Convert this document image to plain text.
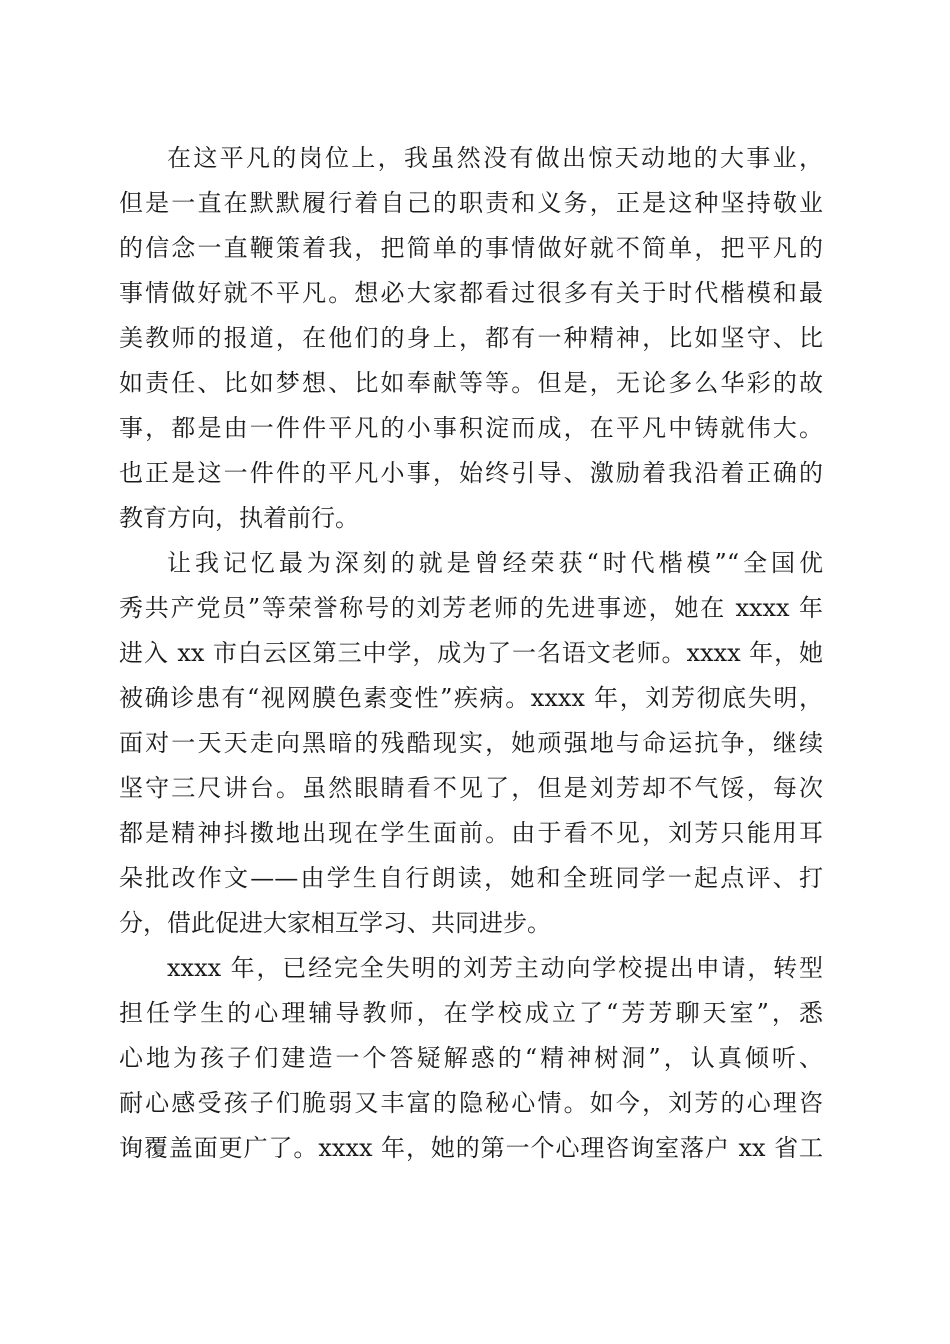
在这平凡的岗位上，我虽然没有做出惊天动地的大事业，
但是一直在默默履行着自己的职责和义务，正是这种坚持敬业
的信念一直鞭策着我，把简单的事情做好就不简单，把平凡的
事情做好就不平凡。想必大家都看过很多有关于时代楷模和最
美教师的报道，在他们的身上，都有一种精神，比如坚守、比
如责任、比如梦想、比如奉献等等。但是，无论多么华彩的故
事，都是由一件件平凡的小事积淀而成，在平凡中铸就伟大。
也正是这一件件的平凡小事，始终引导、激励着我沿着正确的
教育方向，执着前行。
让我记忆最为深刻的就是曾经荣获“时代楷模”“全国优
秀共产党员”等荣誉称号的刘芳老师的先进事迹，她在 xxxx 年
进入 xx 市白云区第三中学，成为了一名语文老师。xxxx 年，她
被确诊患有“视网膜色素变性”疾病。xxxx 年，刘芳彻底失明，
面对一天天走向黑暗的残酷现实，她顽强地与命运抗争，继续
坚守三尺讲台。虽然眼睛看不见了，但是刘芳却不气馁，每次
都是精神抖擞地出现在学生面前。由于看不见，刘芳只能用耳
朵批改作文——由学生自行朗读，她和全班同学一起点评、打
分，借此促进大家相互学习、共同进步。
xxxx 年，已经完全失明的刘芳主动向学校提出申请，转型
担任学生的心理辅导教师，在学校成立了“芳芳聊天室”，悉
心地为孩子们建造一个答疑解惑的“精神树洞”，认真倾听、
耐心感受孩子们脆弱又丰富的隐秘心情。如今，刘芳的心理咨
询覆盖面更广了。xxxx 年，她的第一个心理咨询室落户 xx 省工
